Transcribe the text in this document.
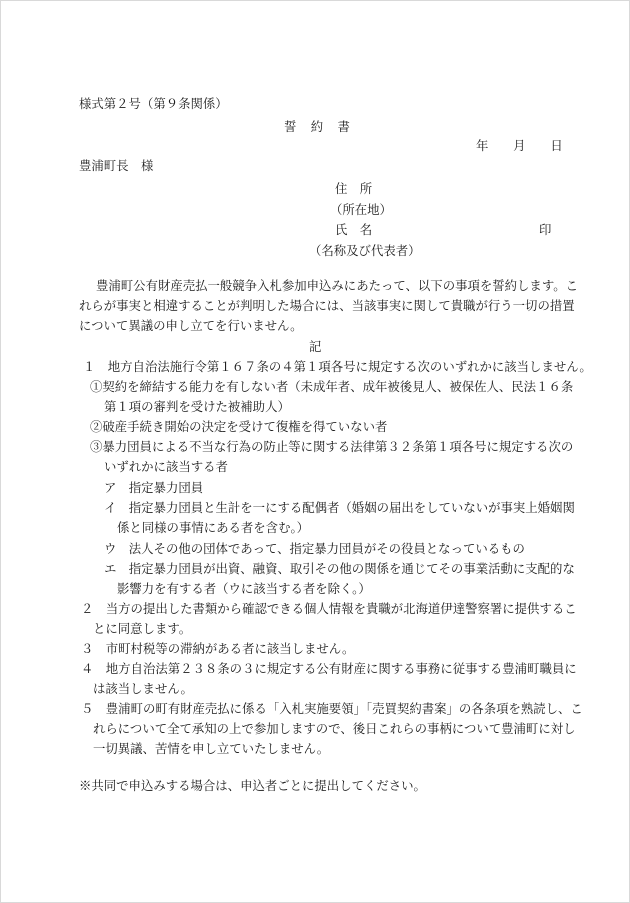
様式第２号（第９条関係）
誓　約　書
年　　月　　日
豊浦町長　様
住　所
（所在地）
氏　名	印
（名称及び代表者）
豊浦町公有財産売払一般競争入札参加申込みにあたって、以下の事項を誓約します。こ
れらが事実と相違することが判明した場合には、当該事実に関して貴職が行う一切の措置
について異議の申し立てを行いません。
記
１　地方自治法施行令第１６７条の４第１項各号に規定する次のいずれかに該当しません。
①契約を締結する能力を有しない者（未成年者、成年被後見人、被保佐人、民法１６条
第１項の審判を受けた被補助人）
②破産手続き開始の決定を受けて復権を得ていない者
③暴力団員による不当な行為の防止等に関する法律第３２条第１項各号に規定する次の
いずれかに該当する者
ア　指定暴力団員
イ　指定暴力団員と生計を一にする配偶者（婚姻の届出をしていないが事実上婚姻関
係と同様の事情にある者を含む。）
ウ　法人その他の団体であって、指定暴力団員がその役員となっているもの
エ　指定暴力団員が出資、融資、取引その他の関係を通じてその事業活動に支配的な
影響力を有する者（ウに該当する者を除く。）
２　当方の提出した書類から確認できる個人情報を貴職が北海道伊達警察署に提供するこ
とに同意します。
３　市町村税等の滞納がある者に該当しません。
４　地方自治法第２３８条の３に規定する公有財産に関する事務に従事する豊浦町職員に
は該当しません。
５　豊浦町の町有財産売払に係る「入札実施要領」「売買契約書案」の各条項を熟読し、こ
れらについて全て承知の上で参加しますので、後日これらの事柄について豊浦町に対し
一切異議、苦情を申し立ていたしません。
※共同で申込みする場合は、申込者ごとに提出してください。
